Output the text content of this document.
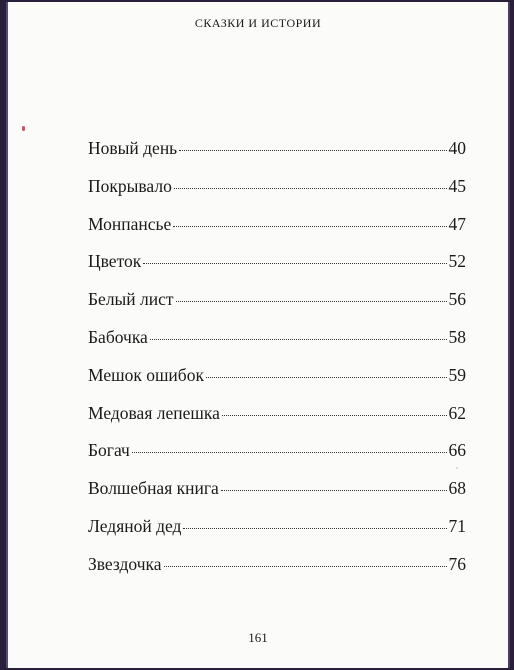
СКАЗКИ И ИСТОРИИ
Новый день	40
Покрывало	45
Монпансье	47
Цветок	52
Белый лист	56
Бабочка	58
Мешок ошибок	59
Медовая лепешка	62
Богач	66
Волшебная книга	68
Ледяной дед	71
Звездочка	76
161
